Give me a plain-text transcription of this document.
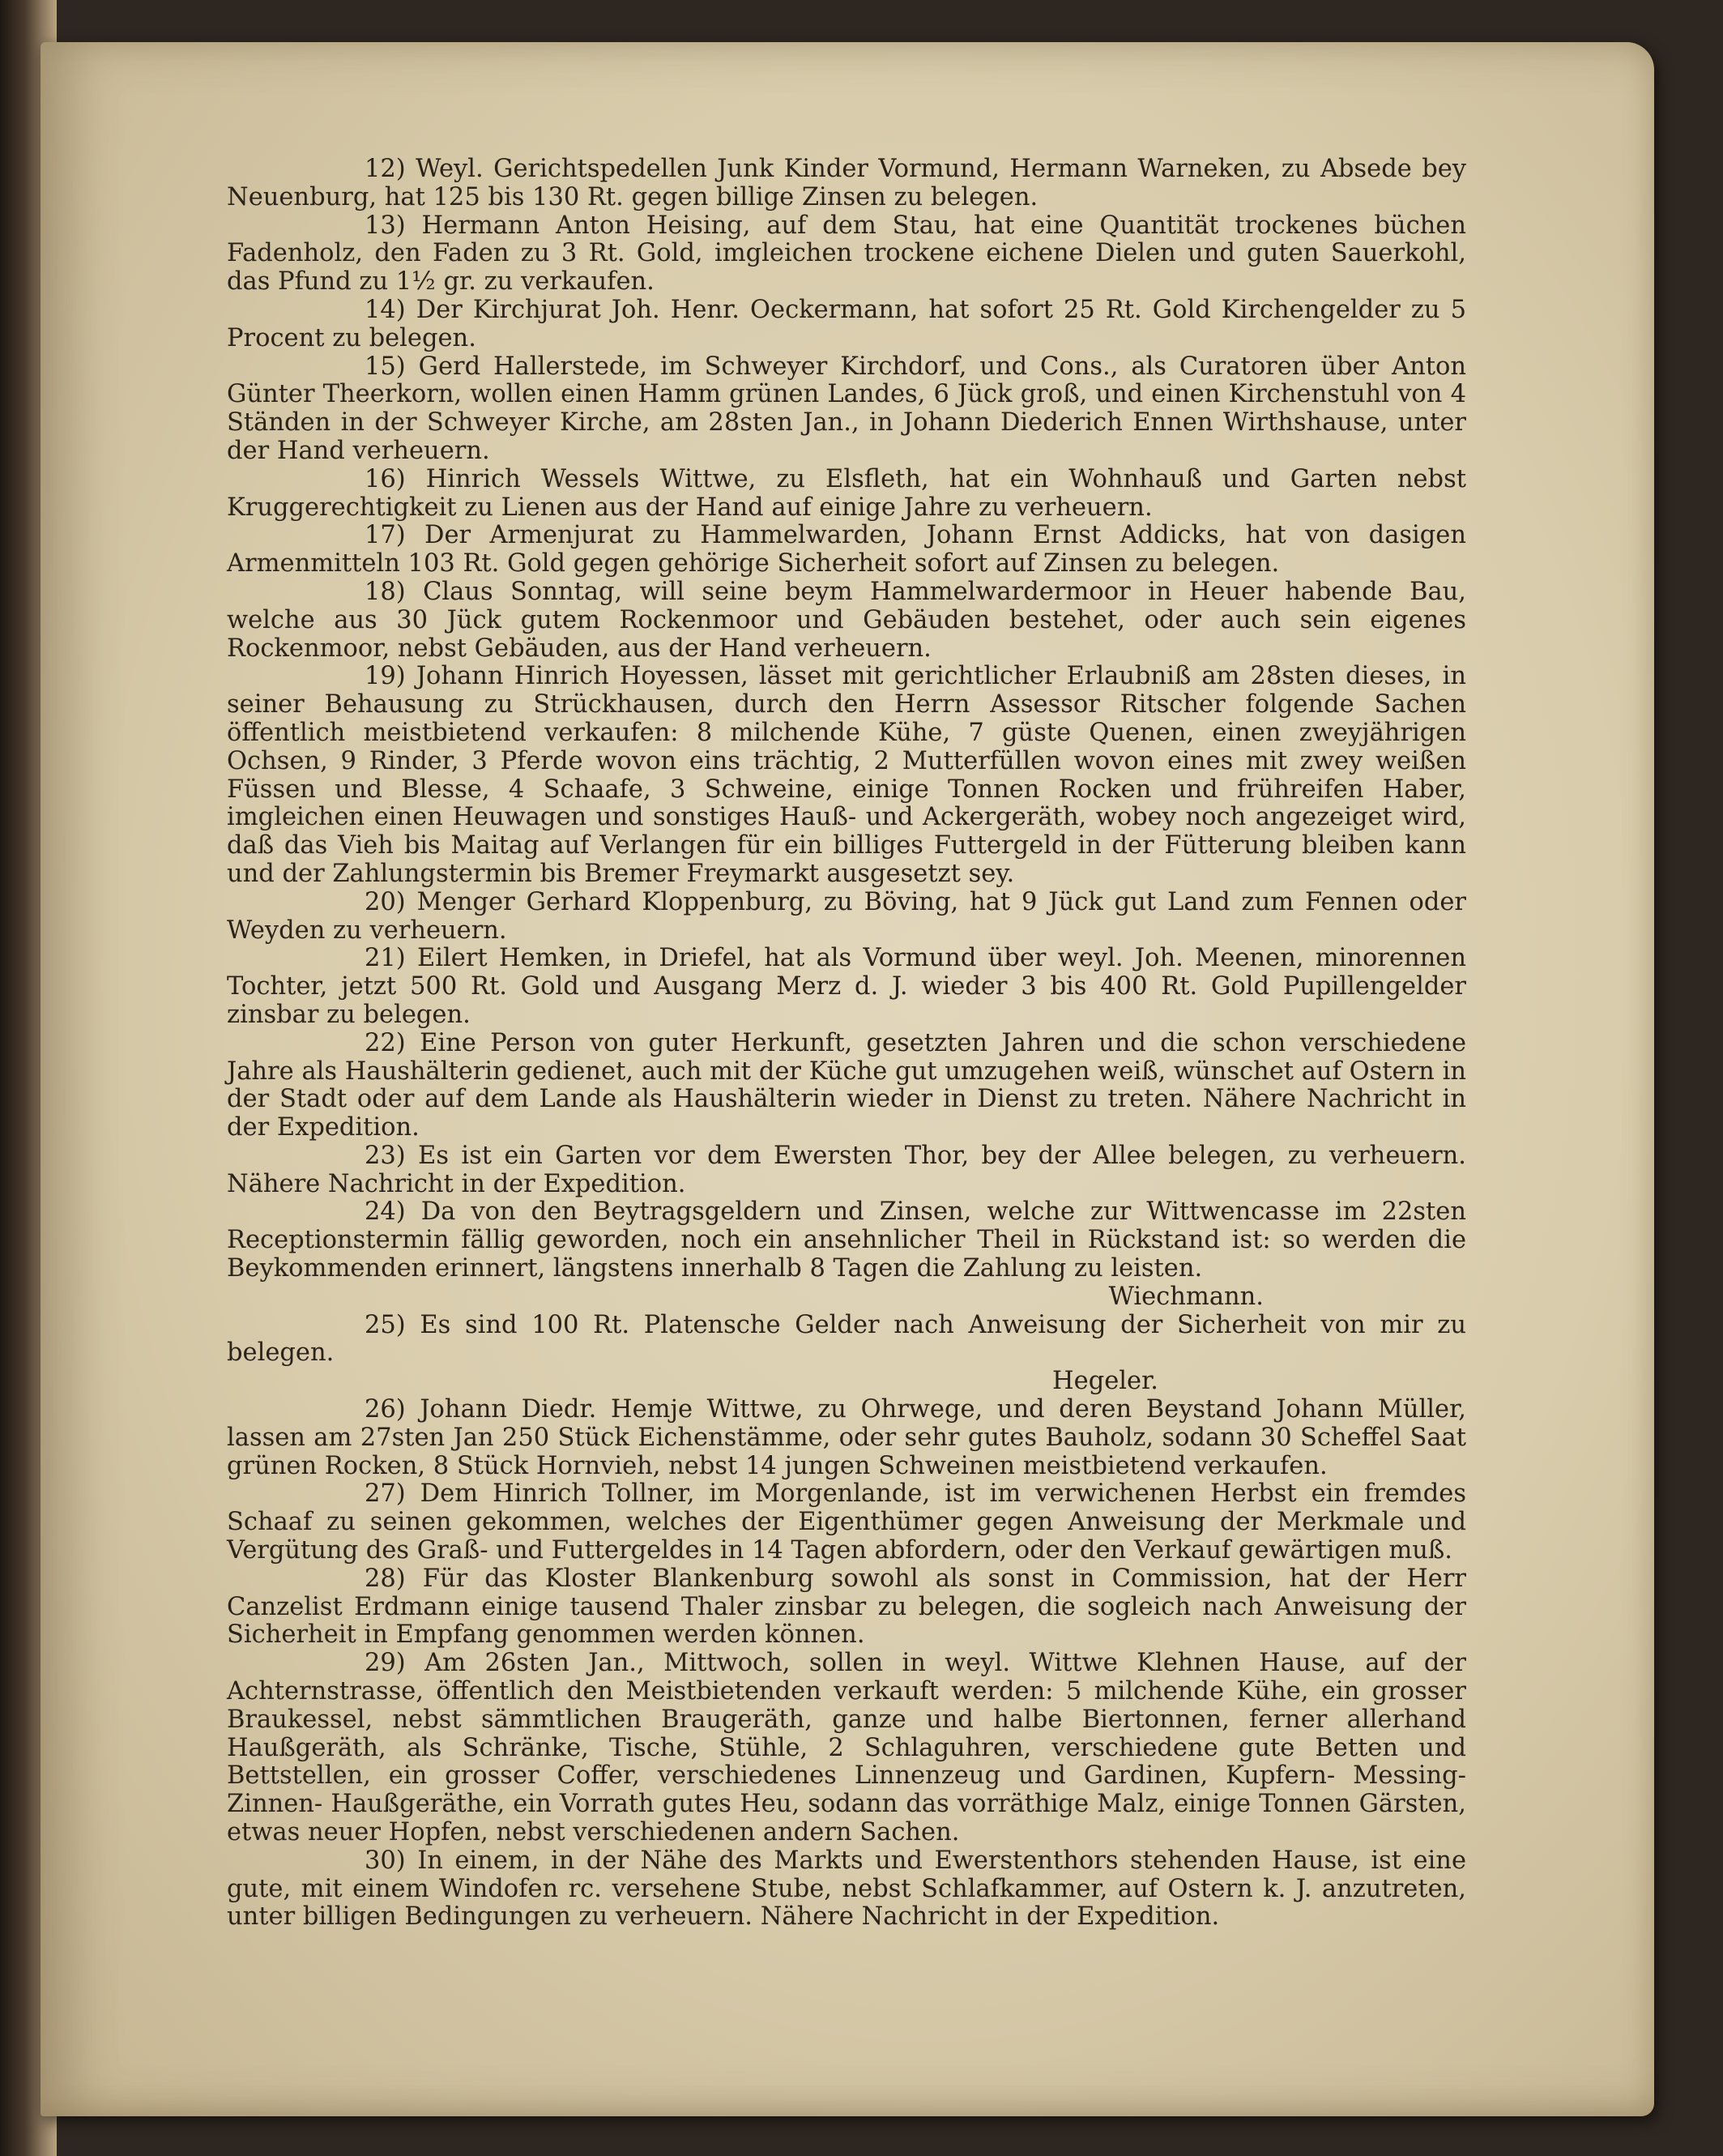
12) Weyl. Gerichtspedellen Junk Kinder Vormund, Hermann Warneken, zu Absede bey Neuenburg, hat 125 bis 130 Rt. gegen billige Zinsen zu belegen.

13) Hermann Anton Heising, auf dem Stau, hat eine Quantität trockenes büchen Fadenholz, den Faden zu 3 Rt. Gold, imgleichen trockene eichene Dielen und guten Sauerkohl, das Pfund zu 1½ gr. zu verkaufen.

14) Der Kirchjurat Joh. Henr. Oeckermann, hat sofort 25 Rt. Gold Kirchengelder zu 5 Procent zu belegen.

15) Gerd Hallerstede, im Schweyer Kirchdorf, und Cons., als Curatoren über Anton Günter Theerkorn, wollen einen Hamm grünen Landes, 6 Jück groß, und einen Kirchenstuhl von 4 Ständen in der Schweyer Kirche, am 28sten Jan., in Johann Diederich Ennen Wirthshause, unter der Hand verheuern.

16) Hinrich Wessels Wittwe, zu Elsfleth, hat ein Wohnhauß und Garten nebst Kruggerechtigkeit zu Lienen aus der Hand auf einige Jahre zu verheuern.

17) Der Armenjurat zu Hammelwarden, Johann Ernst Addicks, hat von dasigen Armenmitteln 103 Rt. Gold gegen gehörige Sicherheit sofort auf Zinsen zu belegen.

18) Claus Sonntag, will seine beym Hammelwardermoor in Heuer habende Bau, welche aus 30 Jück gutem Rockenmoor und Gebäuden bestehet, oder auch sein eigenes Rockenmoor, nebst Gebäuden, aus der Hand verheuern.

19) Johann Hinrich Hoyessen, lässet mit gerichtlicher Erlaubniß am 28sten dieses, in seiner Behausung zu Strückhausen, durch den Herrn Assessor Ritscher folgende Sachen öffentlich meistbietend verkaufen: 8 milchende Kühe, 7 güste Quenen, einen zweyjährigen Ochsen, 9 Rinder, 3 Pferde wovon eins trächtig, 2 Mutterfüllen wovon eines mit zwey weißen Füssen und Blesse, 4 Schaafe, 3 Schweine, einige Tonnen Rocken und frühreifen Haber, imgleichen einen Heuwagen und sonstiges Hauß- und Ackergeräth, wobey noch angezeiget wird, daß das Vieh bis Maitag auf Verlangen für ein billiges Futtergeld in der Fütterung bleiben kann und der Zahlungstermin bis Bremer Freymarkt ausgesetzt sey.

20) Menger Gerhard Kloppenburg, zu Böving, hat 9 Jück gut Land zum Fennen oder Weyden zu verheuern.

21) Eilert Hemken, in Driefel, hat als Vormund über weyl. Joh. Meenen, minorennen Tochter, jetzt 500 Rt. Gold und Ausgang Merz d. J. wieder 3 bis 400 Rt. Gold Pupillengelder zinsbar zu belegen.

22) Eine Person von guter Herkunft, gesetzten Jahren und die schon verschiedene Jahre als Haushälterin gedienet, auch mit der Küche gut umzugehen weiß, wünschet auf Ostern in der Stadt oder auf dem Lande als Haushälterin wieder in Dienst zu treten. Nähere Nachricht in der Expedition.

23) Es ist ein Garten vor dem Ewersten Thor, bey der Allee belegen, zu verheuern. Nähere Nachricht in der Expedition.

24) Da von den Beytragsgeldern und Zinsen, welche zur Wittwencasse im 22sten Receptionstermin fällig geworden, noch ein ansehnlicher Theil in Rückstand ist: so werden die Beykommenden erinnert, längstens innerhalb 8 Tagen die Zahlung zu leisten.

Wiechmann.

25) Es sind 100 Rt. Platensche Gelder nach Anweisung der Sicherheit von mir zu belegen.
Hegeler.

26) Johann Diedr. Hemje Wittwe, zu Ohrwege, und deren Beystand Johann Müller, lassen am 27sten Jan 250 Stück Eichenstämme, oder sehr gutes Bauholz, sodann 30 Scheffel Saat grünen Rocken, 8 Stück Hornvieh, nebst 14 jungen Schweinen meistbietend verkaufen.

27) Dem Hinrich Tollner, im Morgenlande, ist im verwichenen Herbst ein fremdes Schaaf zu seinen gekommen, welches der Eigenthümer gegen Anweisung der Merkmale und Vergütung des Graß- und Futtergeldes in 14 Tagen abfordern, oder den Verkauf gewärtigen muß.

28) Für das Kloster Blankenburg sowohl als sonst in Commission, hat der Herr Canzelist Erdmann einige tausend Thaler zinsbar zu belegen, die sogleich nach Anweisung der Sicherheit in Empfang genommen werden können.

29) Am 26sten Jan., Mittwoch, sollen in weyl. Wittwe Klehnen Hause, auf der Achternstrasse, öffentlich den Meistbietenden verkauft werden: 5 milchende Kühe, ein grosser Braukessel, nebst sämmtlichen Braugeräth, ganze und halbe Biertonnen, ferner allerhand Haußgeräth, als Schränke, Tische, Stühle, 2 Schlaguhren, verschiedene gute Betten und Bettstellen, ein grosser Coffer, verschiedenes Linnenzeug und Gardinen, Kupfern- Messing- Zinnen- Haußgeräthe, ein Vorrath gutes Heu, sodann das vorräthige Malz, einige Tonnen Gärsten, etwas neuer Hopfen, nebst verschiedenen andern Sachen.

30) In einem, in der Nähe des Markts und Ewerstenthors stehenden Hause, ist eine gute, mit einem Windofen rc. versehene Stube, nebst Schlafkammer, auf Ostern k. J. anzutreten, unter billigen Bedingungen zu verheuern. Nähere Nachricht in der Expedition.
